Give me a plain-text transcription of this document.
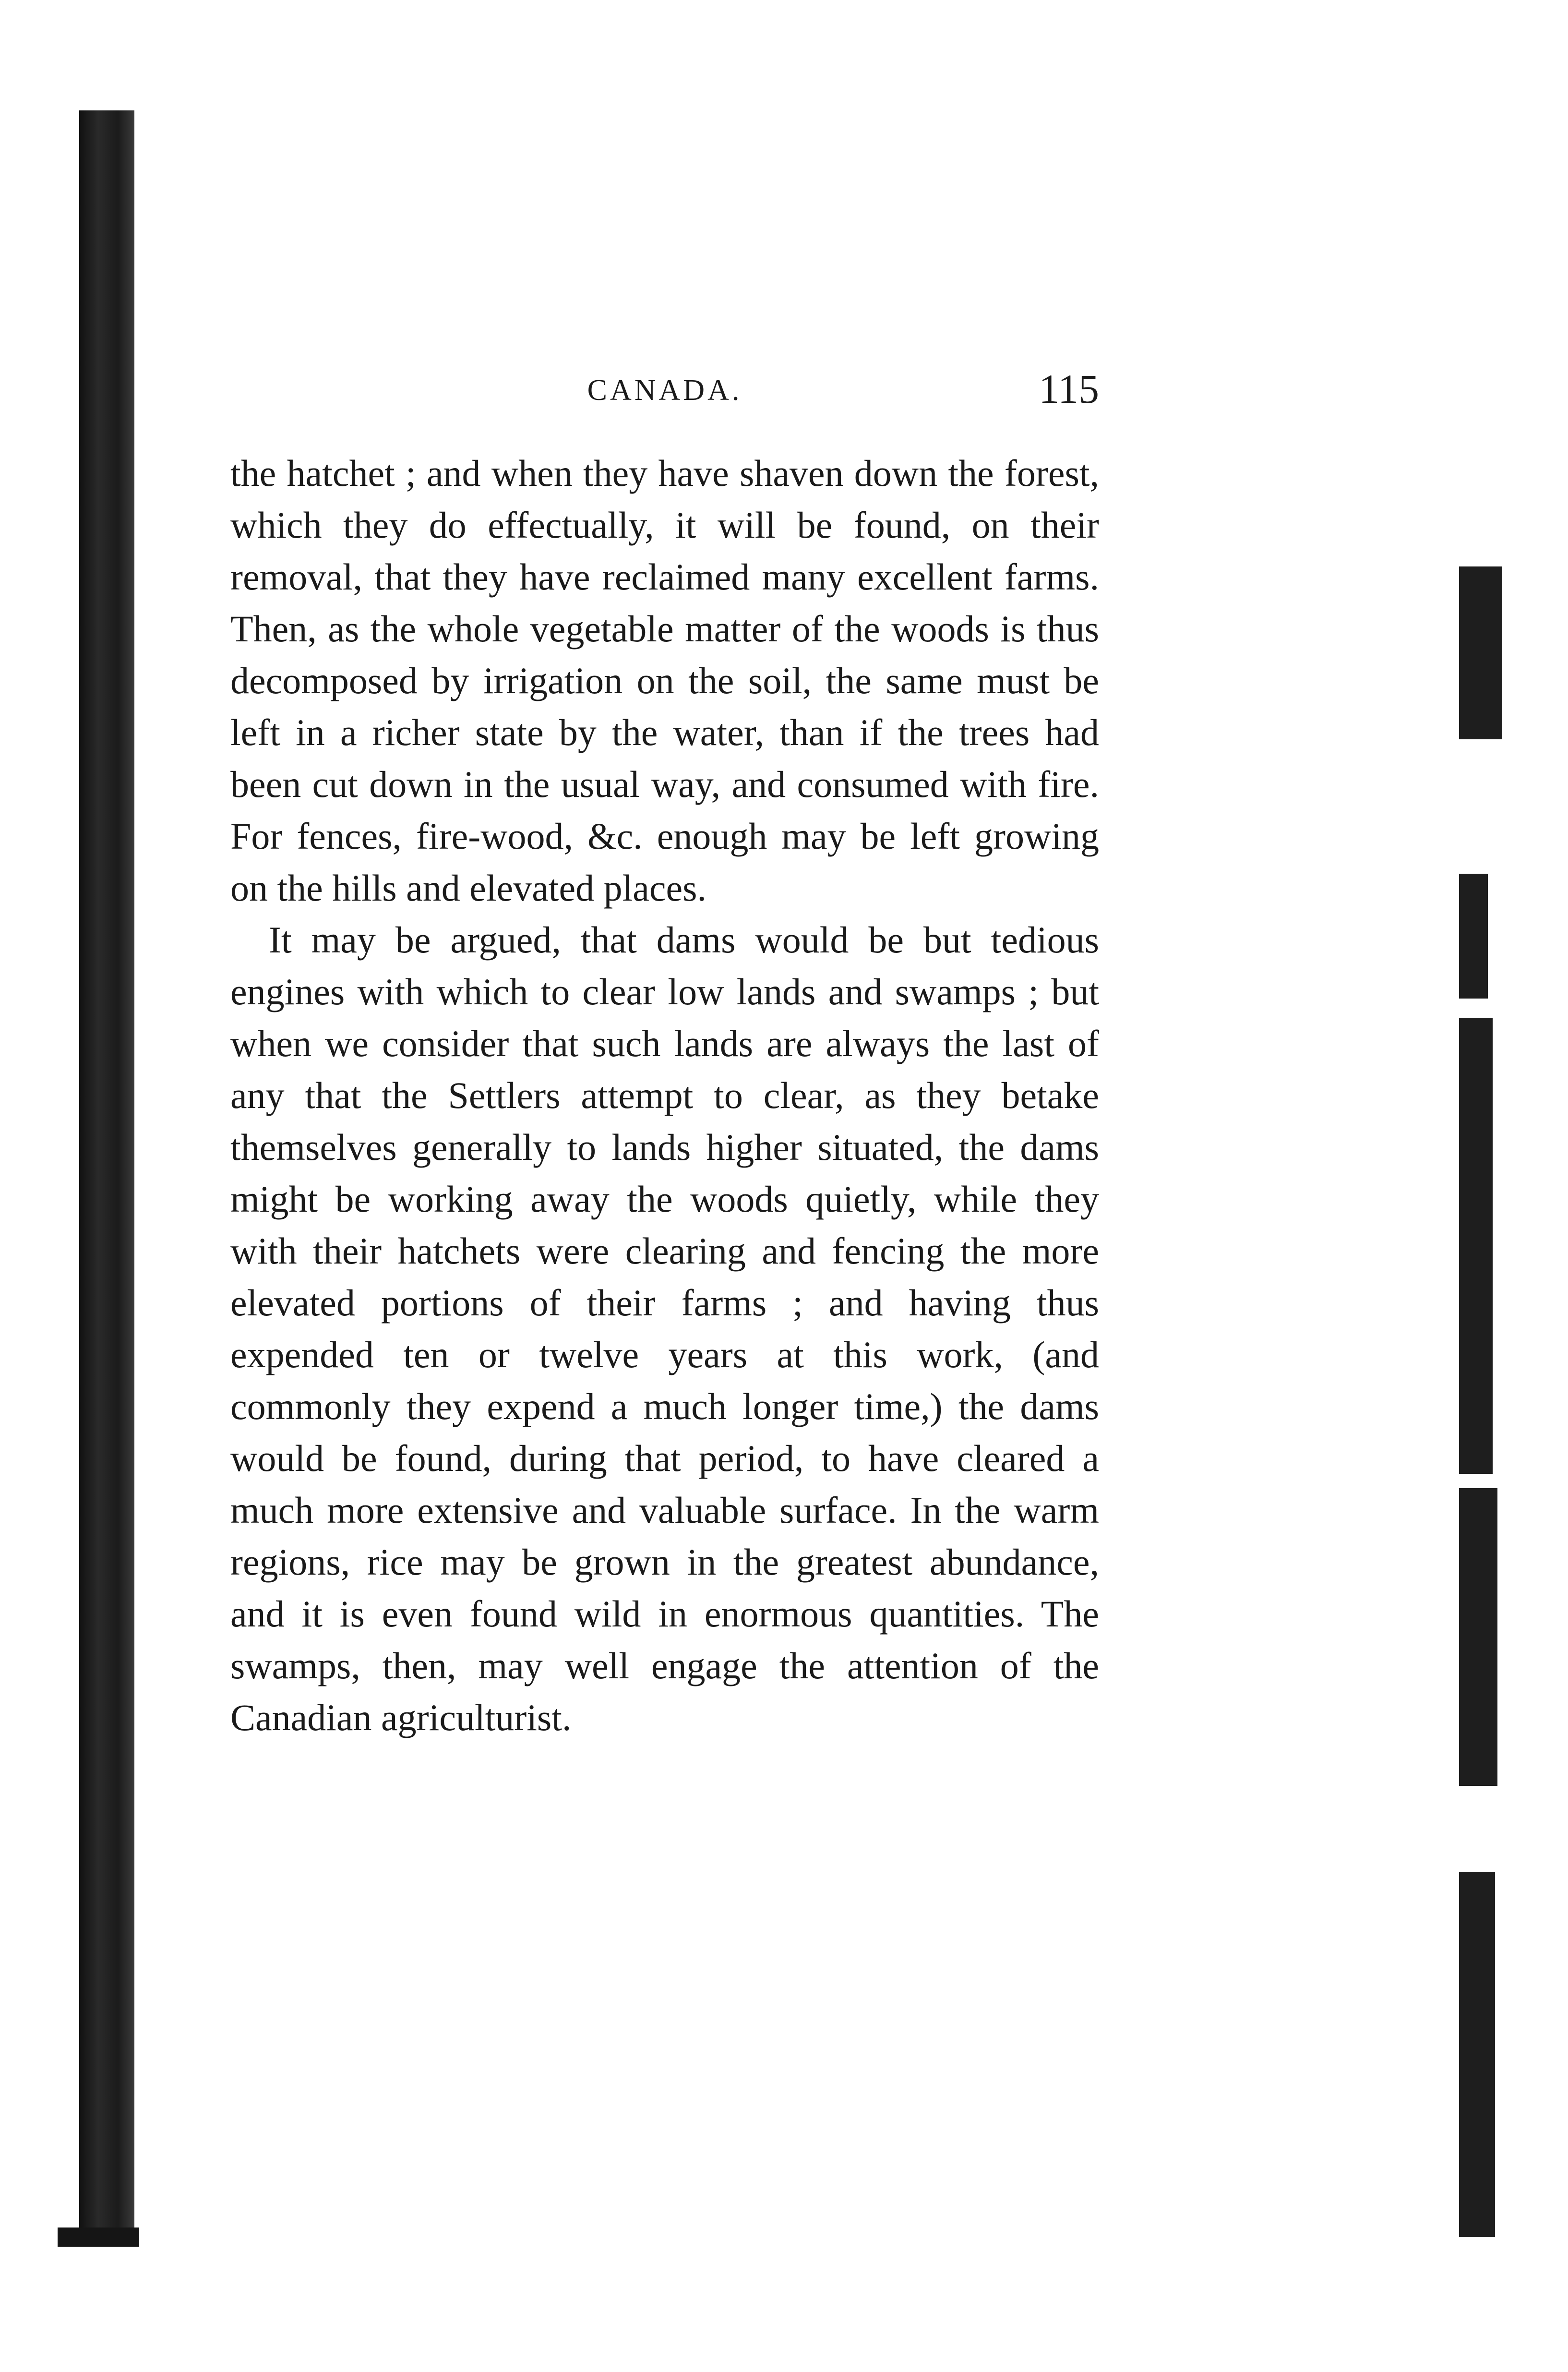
CANADA.	115

the hatchet ; and when they have shaven down the forest, which they do effectually, it will be found, on their removal, that they have reclaimed many excellent farms. Then, as the whole vegetable matter of the woods is thus decomposed by irrigation on the soil, the same must be left in a richer state by the water, than if the trees had been cut down in the usual way, and consumed with fire. For fences, fire-wood, &c. enough may be left growing on the hills and elevated places.

It may be argued, that dams would be but tedious engines with which to clear low lands and swamps ; but when we consider that such lands are always the last of any that the Settlers attempt to clear, as they betake themselves generally to lands higher situated, the dams might be working away the woods quietly, while they with their hatchets were clearing and fencing the more elevated portions of their farms ; and having thus expended ten or twelve years at this work, (and commonly they expend a much longer time,) the dams would be found, during that period, to have cleared a much more extensive and valuable surface. In the warm regions, rice may be grown in the greatest abundance, and it is even found wild in enormous quantities. The swamps, then, may well engage the attention of the Canadian agriculturist.
